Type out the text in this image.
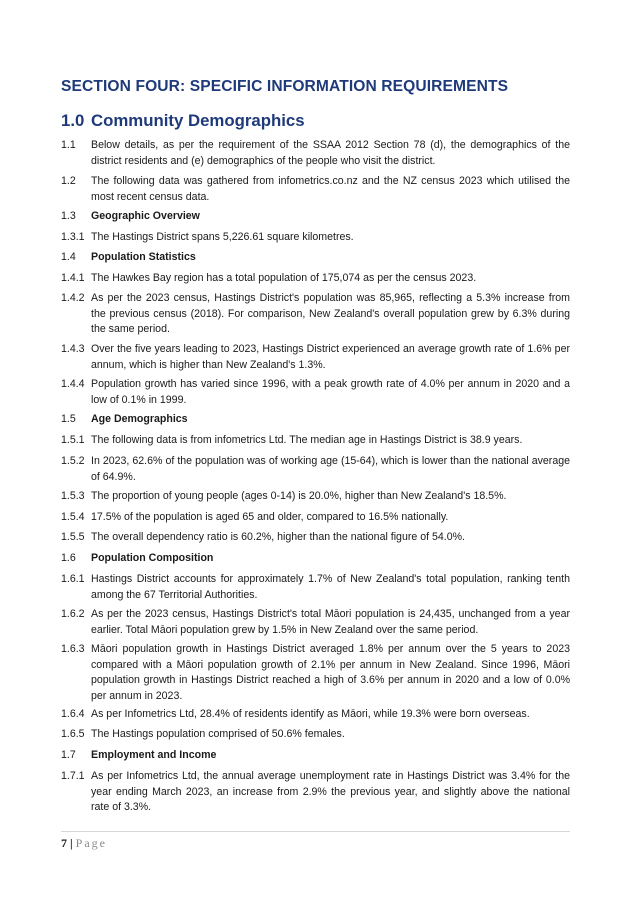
SECTION FOUR: SPECIFIC INFORMATION REQUIREMENTS
1.0 Community Demographics
1.1 Below details, as per the requirement of the SSAA 2012 Section 78 (d), the demographics of the district residents and (e) demographics of the people who visit the district.
1.2 The following data was gathered from infometrics.co.nz and the NZ census 2023 which utilised the most recent census data.
1.3 Geographic Overview
1.3.1 The Hastings District spans 5,226.61 square kilometres.
1.4 Population Statistics
1.4.1 The Hawkes Bay region has a total population of 175,074 as per the census 2023.
1.4.2 As per the 2023 census, Hastings District's population was 85,965, reflecting a 5.3% increase from the previous census (2018). For comparison, New Zealand's overall population grew by 6.3% during the same period.
1.4.3 Over the five years leading to 2023, Hastings District experienced an average growth rate of 1.6% per annum, which is higher than New Zealand's 1.3%.
1.4.4 Population growth has varied since 1996, with a peak growth rate of 4.0% per annum in 2020 and a low of 0.1% in 1999.
1.5 Age Demographics
1.5.1 The following data is from infometrics Ltd. The median age in Hastings District is 38.9 years.
1.5.2 In 2023, 62.6% of the population was of working age (15-64), which is lower than the national average of 64.9%.
1.5.3 The proportion of young people (ages 0-14) is 20.0%, higher than New Zealand's 18.5%.
1.5.4 17.5% of the population is aged 65 and older, compared to 16.5% nationally.
1.5.5 The overall dependency ratio is 60.2%, higher than the national figure of 54.0%.
1.6 Population Composition
1.6.1 Hastings District accounts for approximately 1.7% of New Zealand's total population, ranking tenth among the 67 Territorial Authorities.
1.6.2 As per the 2023 census, Hastings District's total Māori population is 24,435, unchanged from a year earlier. Total Māori population grew by 1.5% in New Zealand over the same period.
1.6.3 Māori population growth in Hastings District averaged 1.8% per annum over the 5 years to 2023 compared with a Māori population growth of 2.1% per annum in New Zealand. Since 1996, Māori population growth in Hastings District reached a high of 3.6% per annum in 2020 and a low of 0.0% per annum in 2023.
1.6.4 As per Infometrics Ltd, 28.4% of residents identify as Māori, while 19.3% were born overseas.
1.6.5 The Hastings population comprised of 50.6% females.
1.7 Employment and Income
1.7.1 As per Infometrics Ltd, the annual average unemployment rate in Hastings District was 3.4% for the year ending March 2023, an increase from 2.9% the previous year, and slightly above the national rate of 3.3%.
7 | Page
